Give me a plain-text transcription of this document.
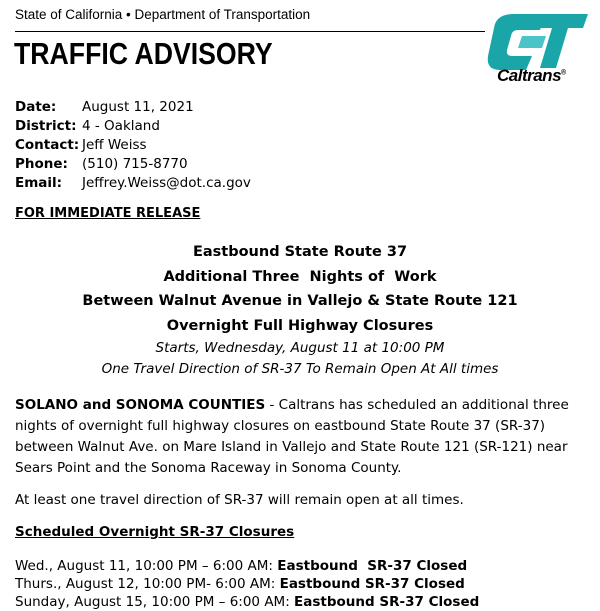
State of California • Department of Transportation
TRAFFIC ADVISORY
Caltrans®
Date:	August 11, 2021
District: 4 - Oakland
Contact: Jeff Weiss
Phone:	(510) 715-8770
Email:	Jeffrey.Weiss@dot.ca.gov
FOR IMMEDIATE RELEASE
Eastbound State Route 37
Additional Three  Nights of  Work
Between Walnut Avenue in Vallejo & State Route 121
Overnight Full Highway Closures
Starts, Wednesday, August 11 at 10:00 PM
One Travel Direction of SR-37 To Remain Open At All times
SOLANO and SONOMA COUNTIES - Caltrans has scheduled an additional three nights of overnight full highway closures on eastbound State Route 37 (SR-37) between Walnut Ave. on Mare Island in Vallejo and State Route 121 (SR-121) near Sears Point and the Sonoma Raceway in Sonoma County.
At least one travel direction of SR-37 will remain open at all times.
Scheduled Overnight SR-37 Closures
Wed., August 11, 10:00 PM – 6:00 AM: Eastbound  SR-37 Closed
Thurs., August 12, 10:00 PM- 6:00 AM: Eastbound SR-37 Closed
Sunday, August 15, 10:00 PM – 6:00 AM: Eastbound SR-37 Closed
